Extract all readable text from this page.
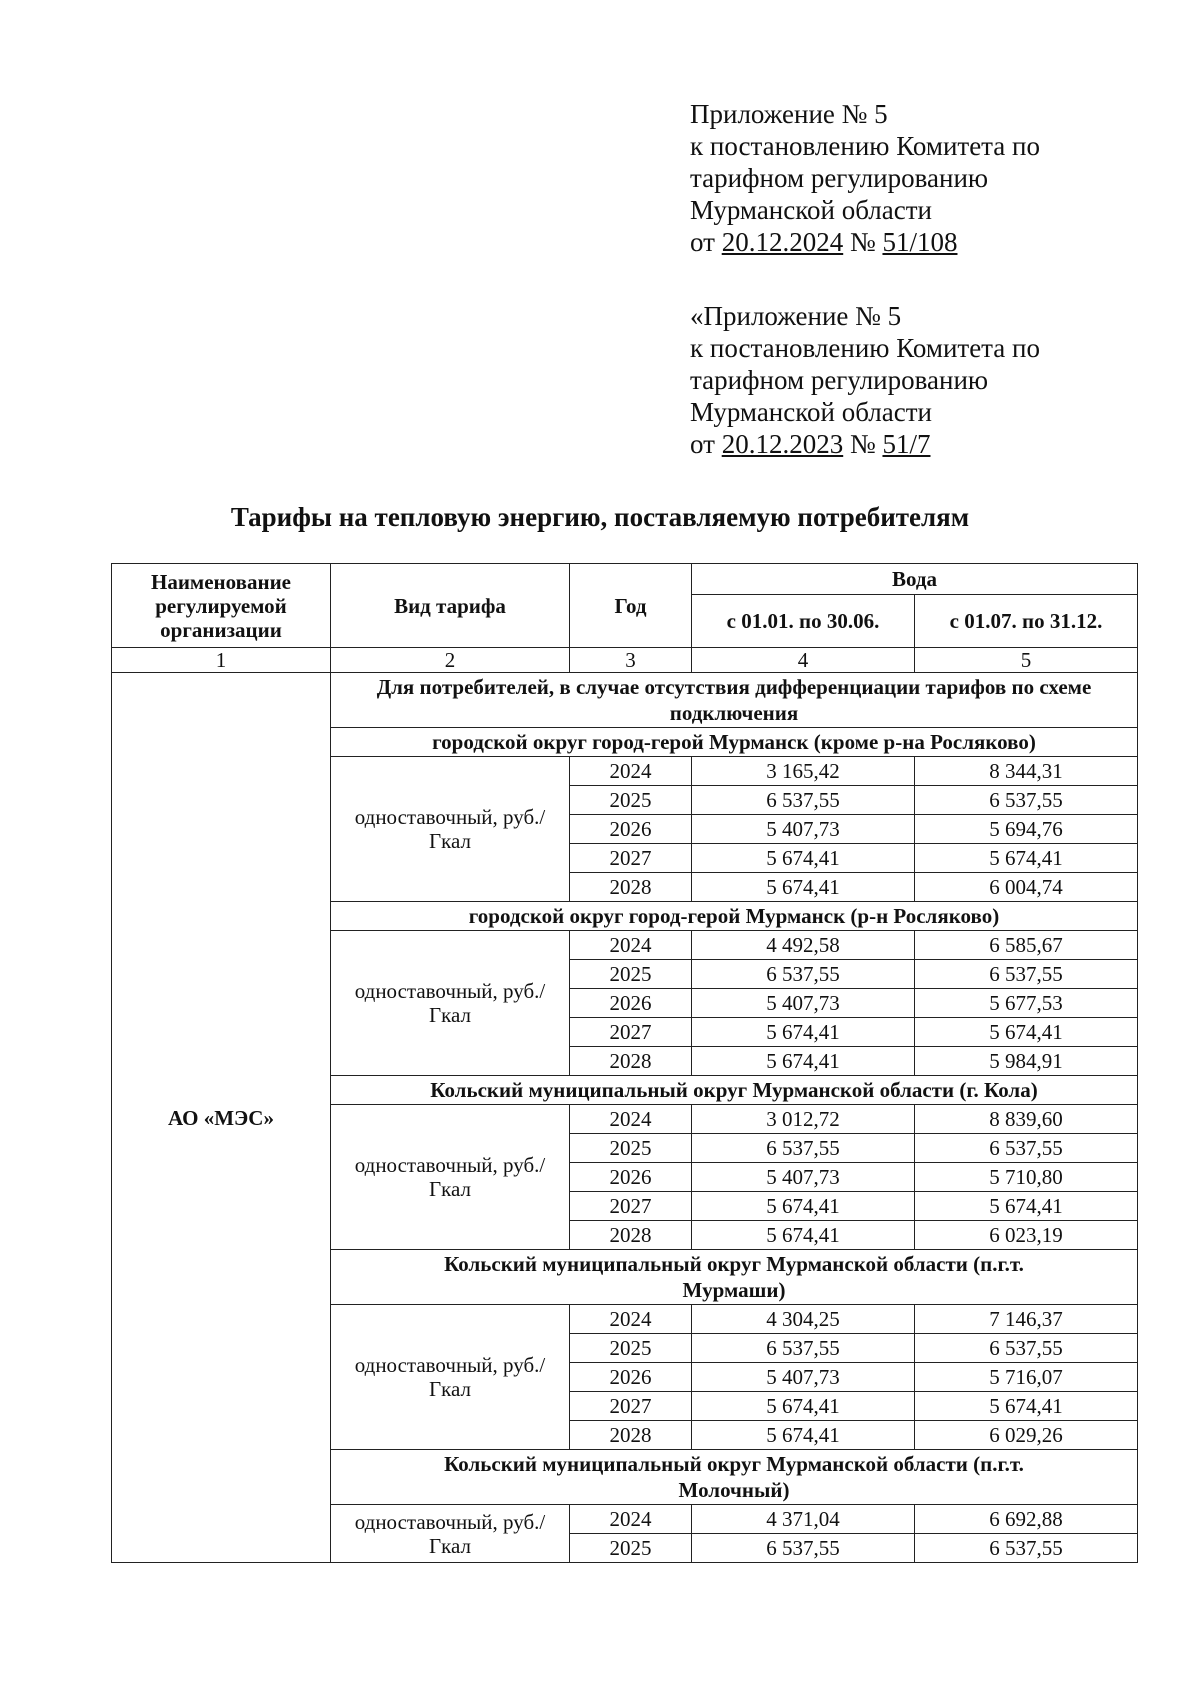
Приложение № 5
к постановлению Комитета по
тарифном регулированию
Мурманской области
от 20.12.2024 № 51/108
«Приложение № 5
к постановлению Комитета по
тарифном регулированию
Мурманской области
от 20.12.2023 № 51/7
Тарифы на тепловую энергию, поставляемую потребителям
Наименование регулируемой организации	Вид тарифа	Год	Вода	
			с 01.01. по 30.06.	с 01.07. по 31.12.
1	2	3	4	5
АО «МЭС»	Для потребителей, в случае отсутствия дифференциации тарифов по схеме подключения			
	городской округ город-герой Мурманск (кроме р-на Росляково)			
	одноставочный, руб./Гкал	2024	3 165,42	8 344,31
		2025	6 537,55	6 537,55
		2026	5 407,73	5 694,76
		2027	5 674,41	5 674,41
		2028	5 674,41	6 004,74
	городской округ город-герой Мурманск (р-н Росляково)			
	одноставочный, руб./Гкал	2024	4 492,58	6 585,67
		2025	6 537,55	6 537,55
		2026	5 407,73	5 677,53
		2027	5 674,41	5 674,41
		2028	5 674,41	5 984,91
	Кольский муниципальный округ Мурманской области (г. Кола)			
	одноставочный, руб./Гкал	2024	3 012,72	8 839,60
		2025	6 537,55	6 537,55
		2026	5 407,73	5 710,80
		2027	5 674,41	5 674,41
		2028	5 674,41	6 023,19
	Кольский муниципальный округ Мурманской области (п.г.т. Мурмаши)			
	одноставочный, руб./Гкал	2024	4 304,25	7 146,37
		2025	6 537,55	6 537,55
		2026	5 407,73	5 716,07
		2027	5 674,41	5 674,41
		2028	5 674,41	6 029,26
	Кольский муниципальный округ Мурманской области (п.г.т. Молочный)			
	одноставочный, руб./Гкал	2024	4 371,04	6 692,88
		2025	6 537,55	6 537,55
